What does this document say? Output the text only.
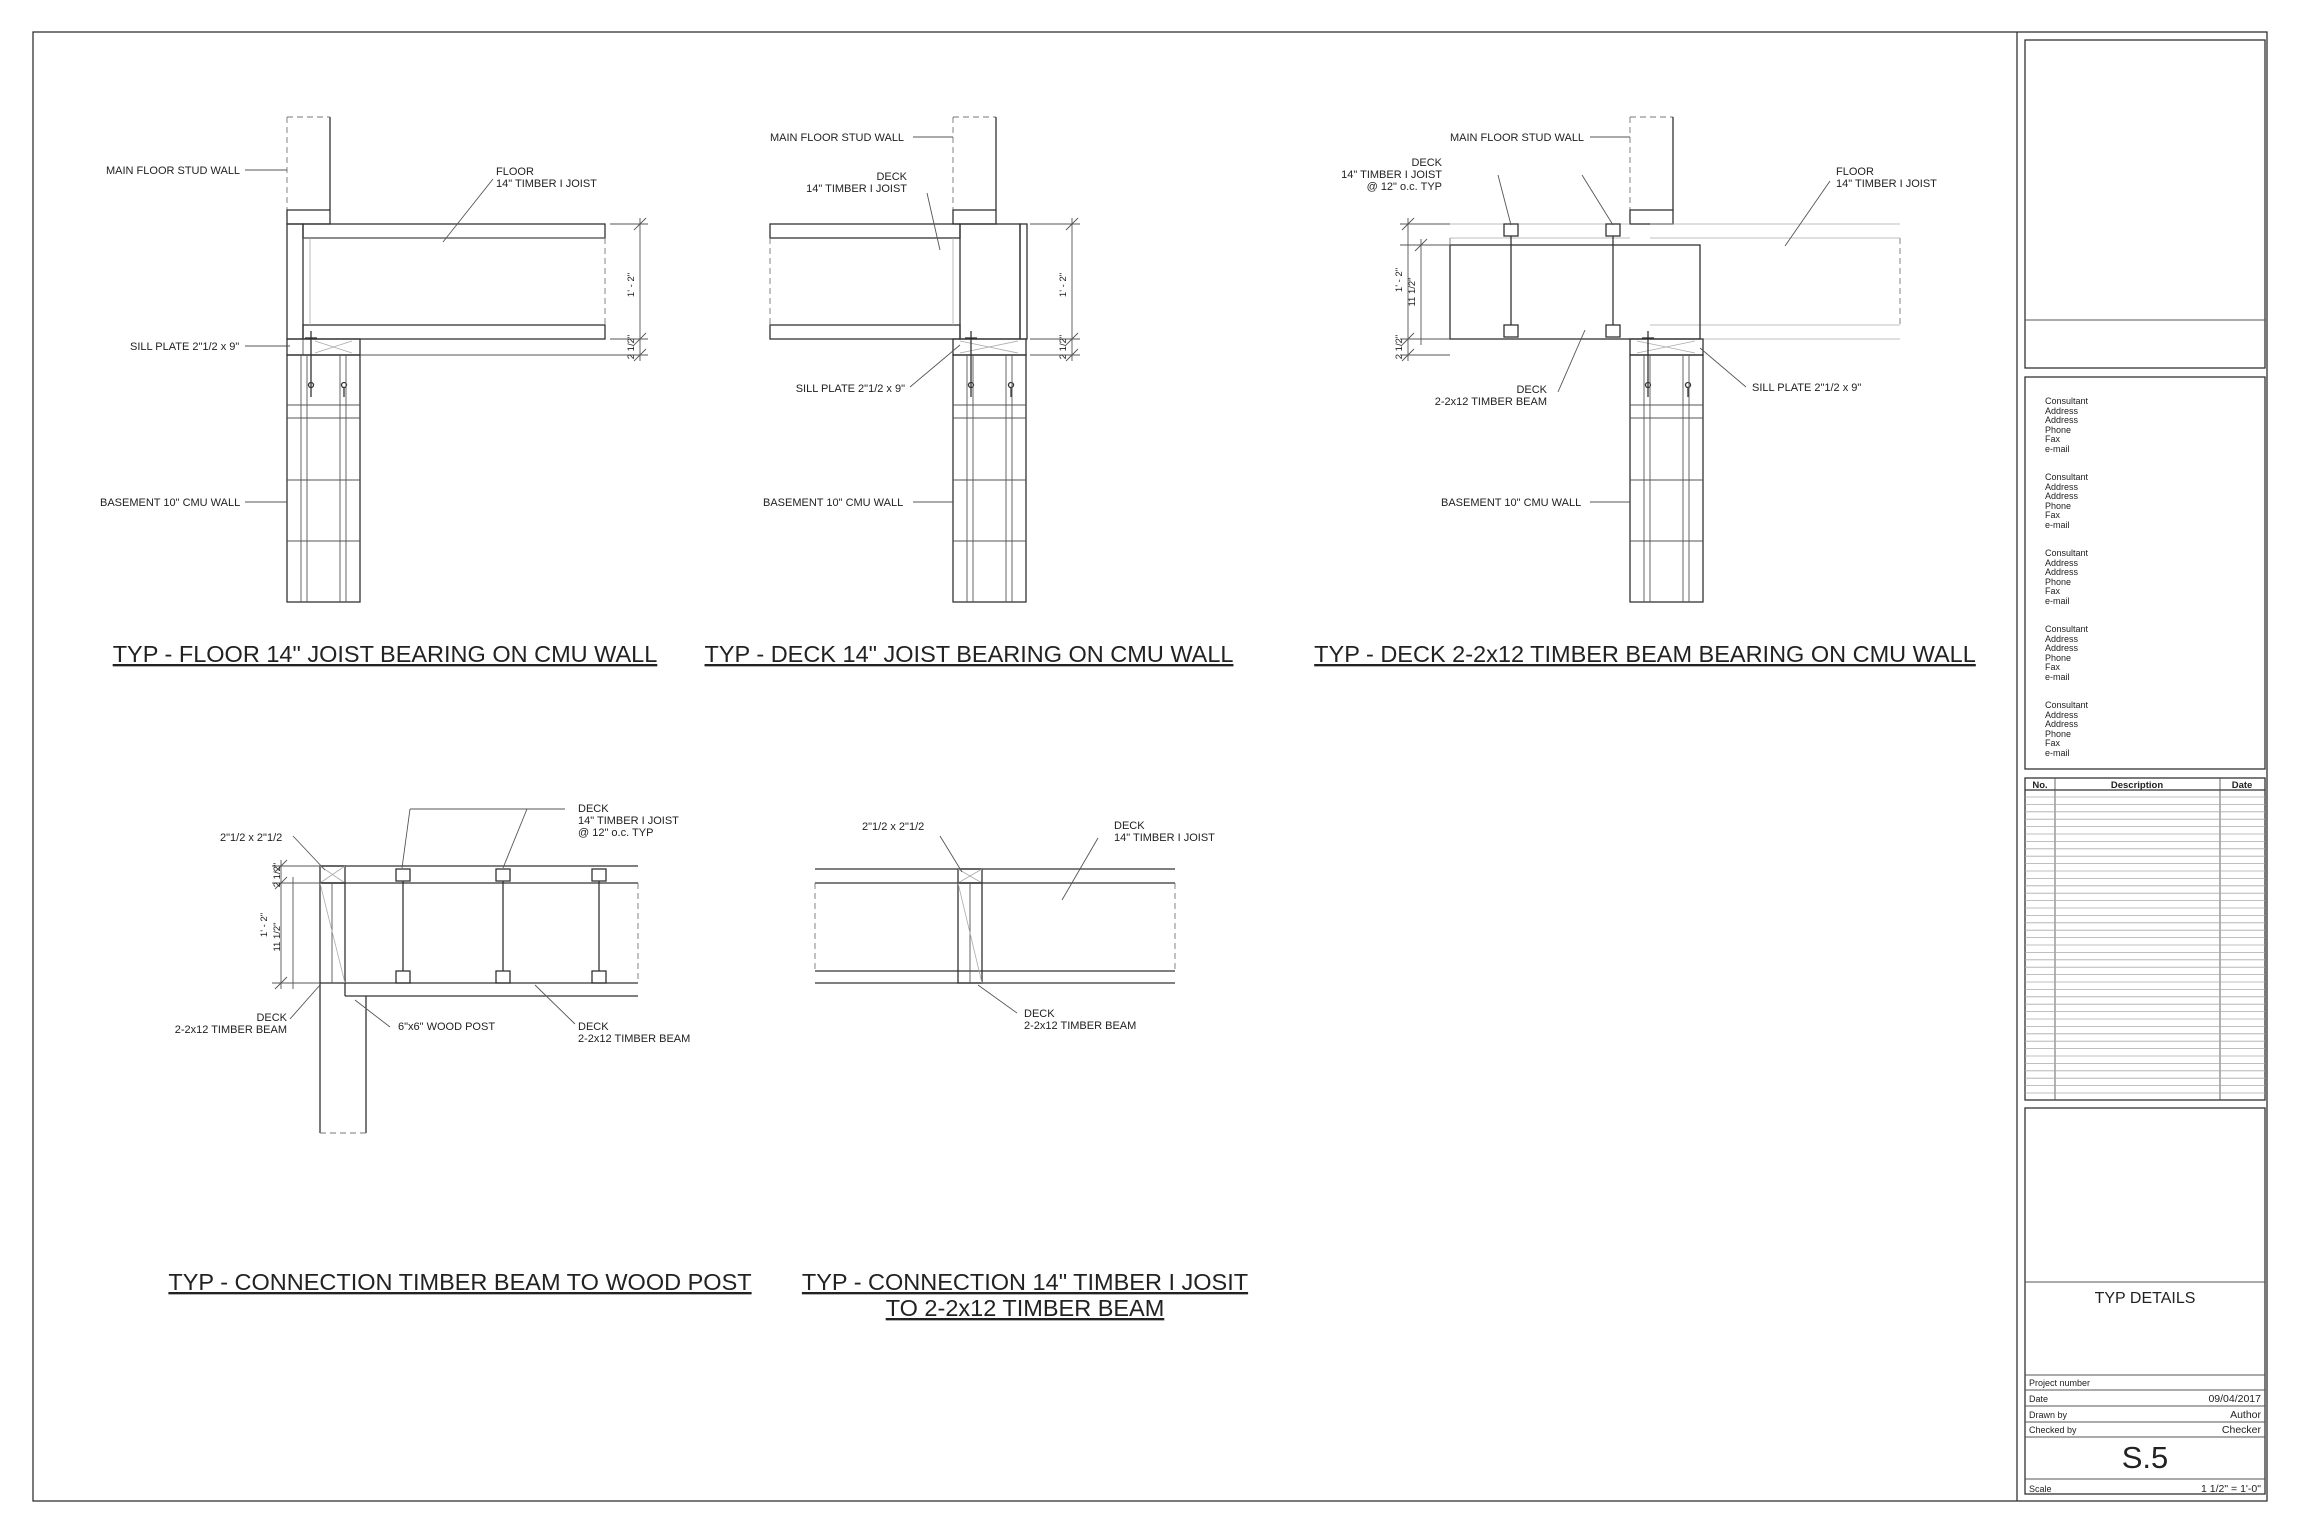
MAIN FLOOR STUD WALL	FLOOR
14" TIMBER I JOIST
SILL PLATE 2"1/2 x 9"
BASEMENT 10" CMU WALL
1' - 2"
2 1/2"
TYP - FLOOR 14" JOIST BEARING ON CMU WALL
MAIN FLOOR STUD WALL
DECK
14" TIMBER I JOIST
SILL PLATE 2"1/2 x 9"
BASEMENT 10" CMU WALL
1' - 2"
2 1/2"
TYP - DECK 14" JOIST BEARING ON CMU WALL
MAIN FLOOR STUD WALL
DECK
14" TIMBER I JOIST
@ 12" o.c. TYP
FLOOR
14" TIMBER I JOIST
DECK
2-2x12 TIMBER BEAM
SILL PLATE 2"1/2 x 9"
BASEMENT 10" CMU WALL
1' - 2" 11 1/2"
2 1/2"
TYP - DECK 2-2x12 TIMBER BEAM BEARING ON CMU WALL
2"1/2 x 2"1/2
DECK
14" TIMBER I JOIST
@ 12" o.c. TYP
DECK
2-2x12 TIMBER BEAM	6"x6" WOOD POST	DECK
2-2x12 TIMBER BEAM
2 1/2"
1' - 2" 11 1/2"
TYP - CONNECTION TIMBER BEAM TO WOOD POST
2"1/2 x 2"1/2	DECK
14" TIMBER I JOIST
DECK
2-2x12 TIMBER BEAM
TYP - CONNECTION 14" TIMBER I JOSIT
TO 2-2x12 TIMBER BEAM
Consultant
Address
Address
Phone
Fax
e-mail
Consultant
Address
Address
Phone
Fax
e-mail
Consultant
Address
Address
Phone
Fax
e-mail
Consultant
Address
Address
Phone
Fax
e-mail
Consultant
Address
Address
Phone
Fax
e-mail
No.	Description	Date
TYP DETAILS
Project number
Date	09/04/2017
Drawn by	Author
Checked by	Checker
S.5
Scale	1 1/2" = 1'-0"
